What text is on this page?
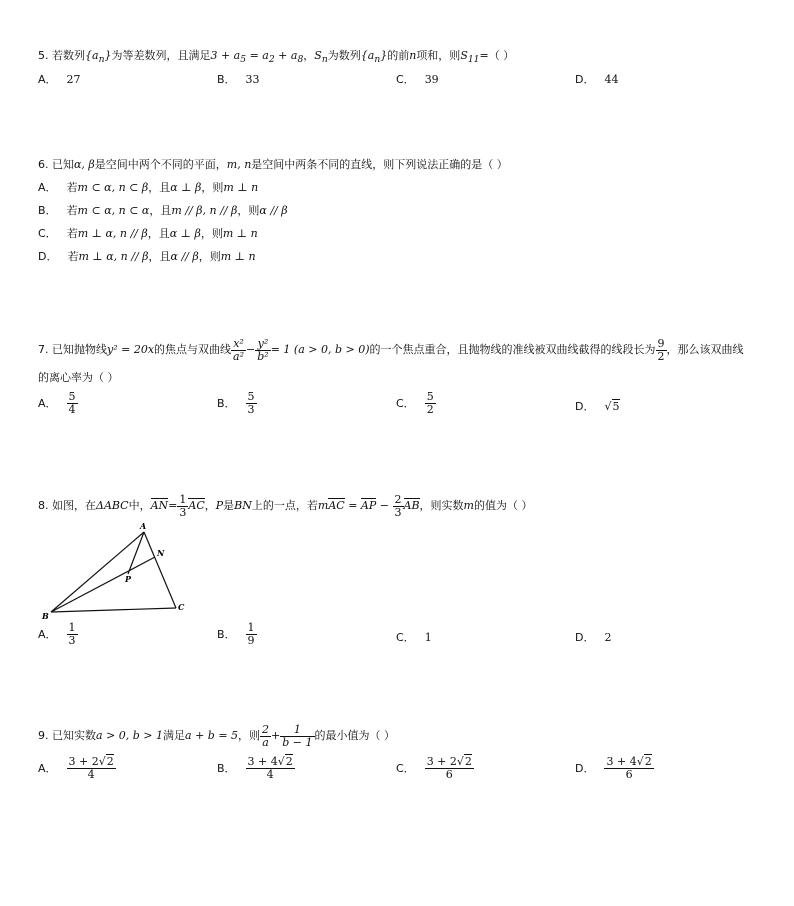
5. 若数列$\{a_n\}$为等差数列，且满足$3 + a_5 = a_2 + a_8$，$S_n$为数列$\{a_n\}$的前n项和，则$S_{11}=$（ ）
A． 27	B． 33	C． 39	D． 44
6. 已知α, β是空间中两个不同的平面，m, n是空间中两条不同的直线，则下列说法正确的是（ ）
A． 若m ⊂ α, n ⊂ β，且α ⊥ β，则m ⊥ n
B． 若m ⊂ α, n ⊂ α，且m // β, n // β，则α // β
C． 若m ⊥ α, n // β，且α ⊥ β，则m ⊥ n
D． 若m ⊥ α, n // β，且α // β，则m ⊥ n
7. 已知抛物线y² = 20x的焦点与双曲线 $\frac{\text{x²}}{\text{a²}} - \frac{\text{y²}}{\text{b²}} = 1$ (a > 0, b > 0)的一个焦点重合，且抛物线的准线被双曲线截得的线段长为 $\frac{9}{2}$ ，那么该双曲线
的离心率为（ ）
A． $\frac{5}{4}$	B． $\frac{5}{3}$	C． $\frac{5}{2}$	D． √5
8. 如图，在ΔABC中，$AN= \frac{1}{3}$ AC，P是BN上的一点，若mAC = AP − $\frac{2}{3}$ AB，则实数m的值为（ ）
A
B
C
N
P
A． $\frac{1}{3}$	B． $\frac{1}{9}$	C． 1	D． 2
9. 已知实数a > 0, b > 1满足a + b = 5，则 $\frac{2}{a} + \frac{1}{b - 1}$ 的最小值为（ ）
A． $\frac{3 + 2√2}{4}$	B． $\frac{3 + 4√2}{4}$	C． $\frac{3 + 2√2}{6}$	D． $\frac{3 + 4√2}{6}$
